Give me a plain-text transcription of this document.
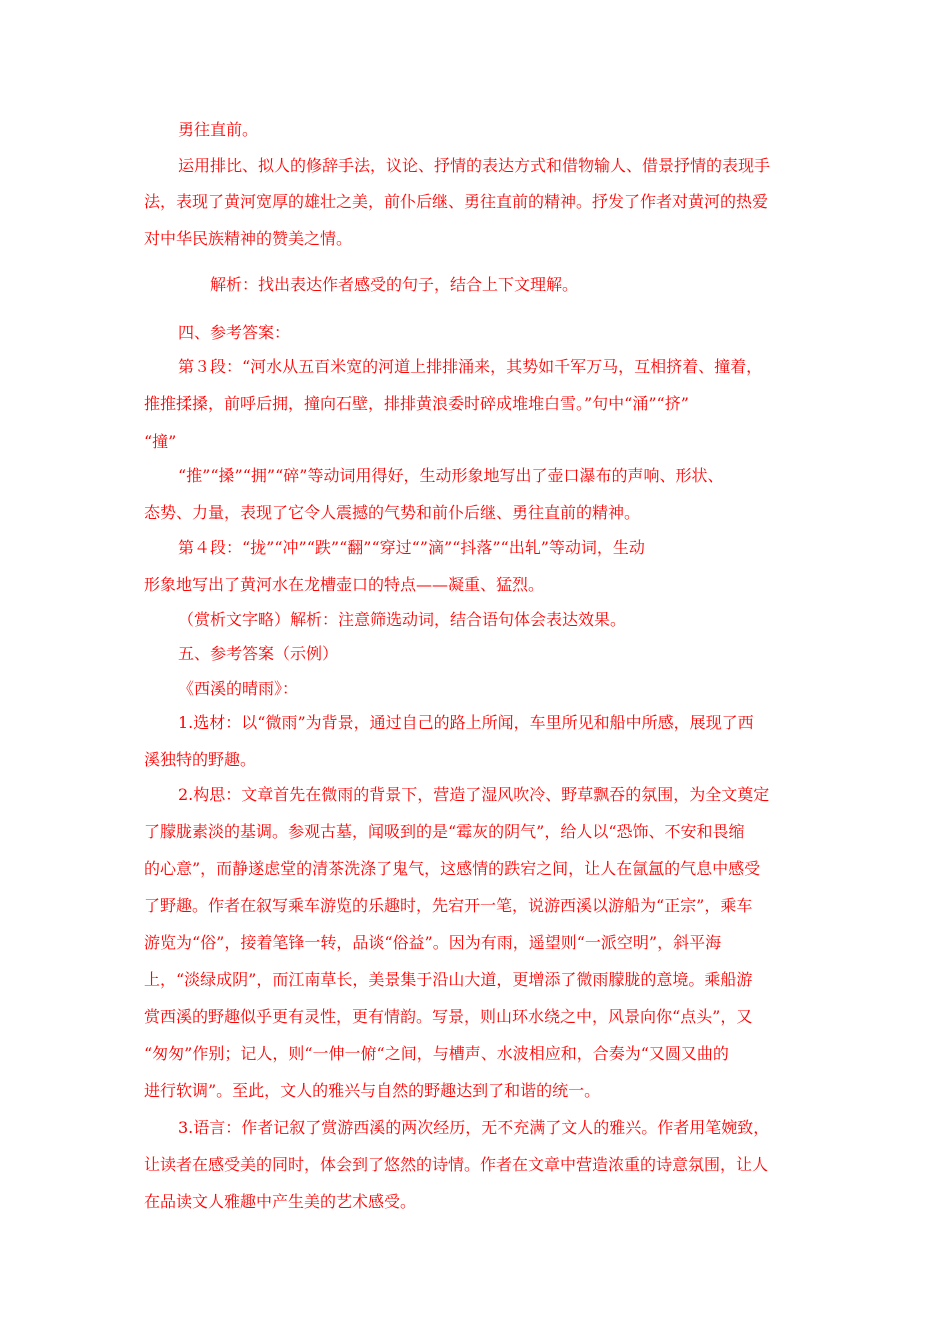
勇往直前。

运用排比、拟人的修辞手法，议论、抒情的表达方式和借物输人、借景抒情的表现手

法，表现了黄河宽厚的雄壮之美，前仆后继、勇往直前的精神。抒发了作者对黄河的热爱

对中华民族精神的赞美之情。

解析：找出表达作者感受的句子，结合上下文理解。

四、参考答案：

第３段：“河水从五百米宽的河道上排排涌来，其势如千军万马，互相挤着、撞着，

推推揉搡，前呼后拥，撞向石壁，排排黄浪委时碎成堆堆白雪。”句中“涌”“挤”

“撞”

“推”“搡”“拥”“碎”等动词用得好，生动形象地写出了壶口瀑布的声响、形状、

态势、力量，表现了它令人震撼的气势和前仆后继、勇往直前的精神。

第４段：“拢”“冲”“跌”“翻”“穿过“”滴”“抖落”“出轧”等动词，生动

形象地写出了黄河水在龙槽壶口的特点——凝重、猛烈。

（赏析文字略）解析：注意筛选动词，结合语句体会表达效果。

五、参考答案（示例）

《西溪的晴雨》：

1.选材：以“微雨”为背景，通过自己的路上所闻，车里所见和船中所感，展现了西

溪独特的野趣。

2.构思：文章首先在微雨的背景下，营造了湿风吹冷、野草飘吞的氛围，为全文奠定

了朦胧素淡的基调。参观古墓，闻吸到的是“霉灰的阴气”，给人以“恐饰、不安和畏缩

的心意”，而静遂虑堂的清茶洗涤了鬼气，这感情的跌宕之间，让人在氤氲的气息中感受

了野趣。作者在叙写乘车游览的乐趣时，先宕开一笔，说游西溪以游船为“正宗”，乘车

游览为“俗”，接着笔锋一转，品谈“俗益”。因为有雨，遥望则“一派空明”，斜平海

上，“淡绿成阴”，而江南草长，美景集于沿山大道，更增添了微雨朦胧的意境。乘船游

赏西溪的野趣似乎更有灵性，更有情韵。写景，则山环水绕之中，风景向你“点头”，又

“匆匆”作别；记人，则“一伸一俯“之间，与槽声、水波相应和，合奏为“又圆又曲的

进行软调”。至此，文人的雅兴与自然的野趣达到了和谐的统一。

3.语言：作者记叙了赏游西溪的两次经历，无不充满了文人的雅兴。作者用笔婉致，

让读者在感受美的同时，体会到了悠然的诗情。作者在文章中营造浓重的诗意氛围，让人

在品读文人雅趣中产生美的艺术感受。
